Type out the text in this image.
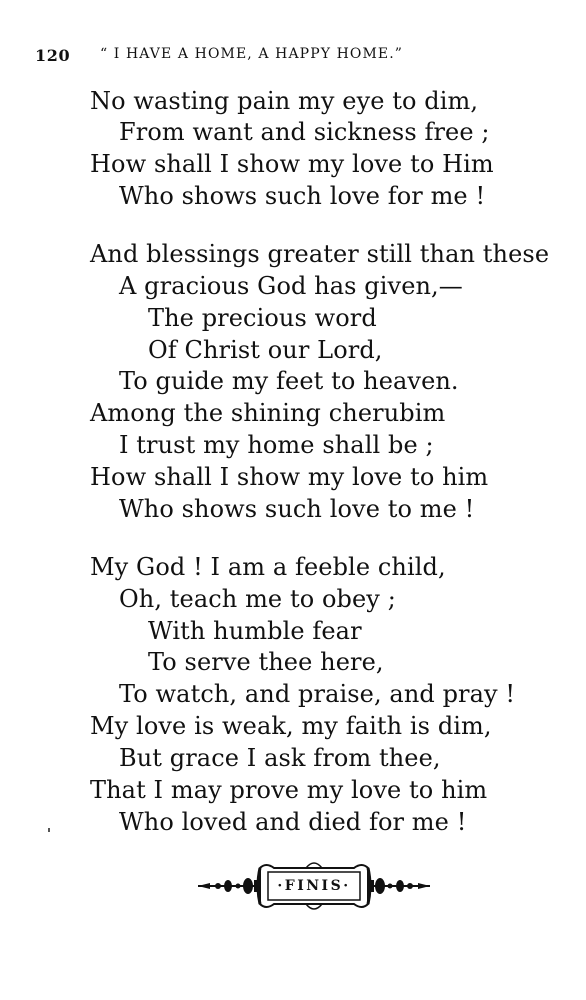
120 “ I HAVE A HOME, A HAPPY HOME.”
No wasting pain my eye to dim,
From want and sickness free ;
How shall I show my love to Him
Who shows such love for me !
And blessings greater still than these
A gracious God has given,—
The precious word
Of Christ our Lord,
To guide my feet to heaven.
Among the shining cherubim
I trust my home shall be ;
How shall I show my love to him
Who shows such love to me !
My God ! I am a feeble child,
Oh, teach me to obey ;
With humble fear
To serve thee here,
To watch, and praise, and pray !
My love is weak, my faith is dim,
But grace I ask from thee,
That I may prove my love to him
Who loved and died for me !
·FINIS·
